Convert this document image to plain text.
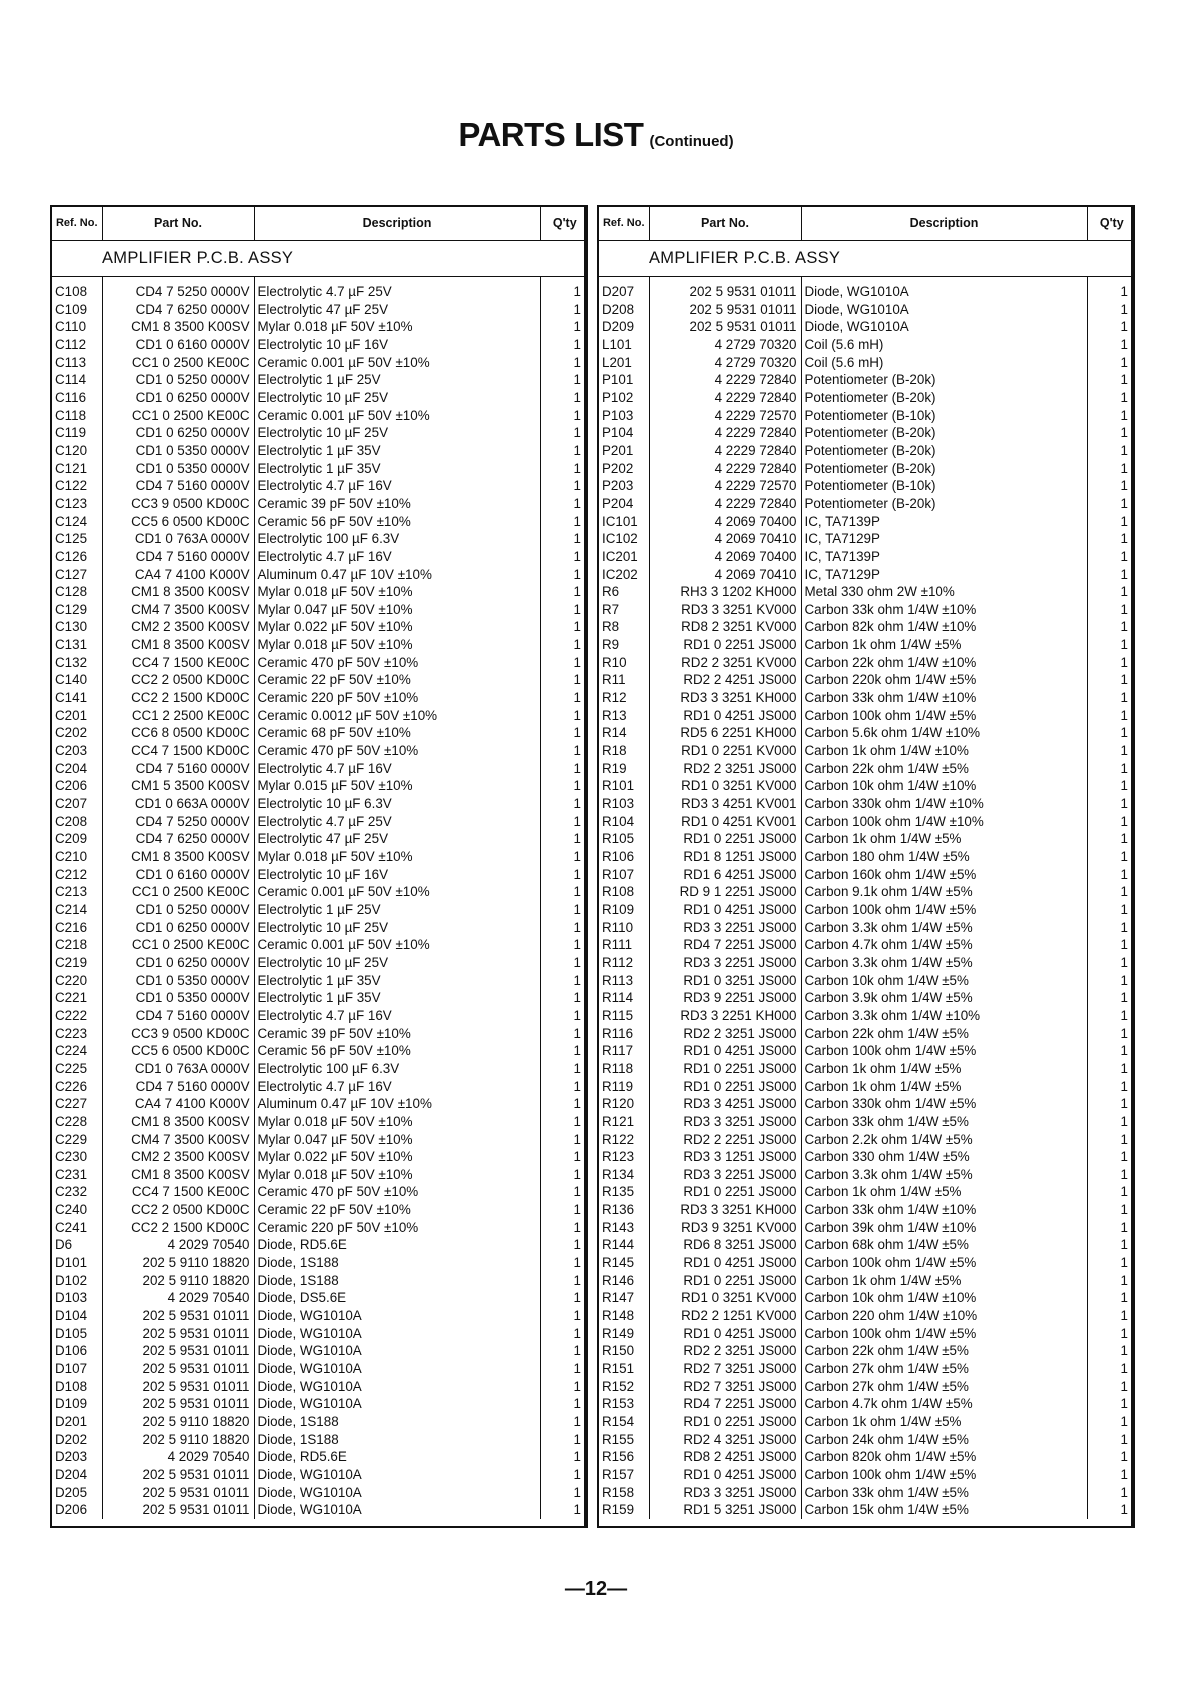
PARTS LIST (Continued)
Ref. No.	Part No.	Description	Q'ty
AMPLIFIER P.C.B. ASSY
C108	CD4 7 5250 0000V	Electrolytic 4.7 µF 25V	1
C109	CD4 7 6250 0000V	Electrolytic 47 µF 25V	1
C110	CM1 8 3500 K00SV	Mylar 0.018 µF 50V ±10%	1
C112	CD1 0 6160 0000V	Electrolytic 10 µF 16V	1
C113	CC1 0 2500 KE00C	Ceramic 0.001 µF 50V ±10%	1
C114	CD1 0 5250 0000V	Electrolytic 1 µF 25V	1
C116	CD1 0 6250 0000V	Electrolytic 10 µF 25V	1
C118	CC1 0 2500 KE00C	Ceramic 0.001 µF 50V ±10%	1
C119	CD1 0 6250 0000V	Electrolytic 10 µF 25V	1
C120	CD1 0 5350 0000V	Electrolytic 1 µF 35V	1
C121	CD1 0 5350 0000V	Electrolytic 1 µF 35V	1
C122	CD4 7 5160 0000V	Electrolytic 4.7 µF 16V	1
C123	CC3 9 0500 KD00C	Ceramic 39 pF 50V ±10%	1
C124	CC5 6 0500 KD00C	Ceramic 56 pF 50V ±10%	1
C125	CD1 0 763A 0000V	Electrolytic 100 µF 6.3V	1
C126	CD4 7 5160 0000V	Electrolytic 4.7 µF 16V	1
C127	CA4 7 4100 K000V	Aluminum 0.47 µF 10V ±10%	1
C128	CM1 8 3500 K00SV	Mylar 0.018 µF 50V ±10%	1
C129	CM4 7 3500 K00SV	Mylar 0.047 µF 50V ±10%	1
C130	CM2 2 3500 K00SV	Mylar 0.022 µF 50V ±10%	1
C131	CM1 8 3500 K00SV	Mylar 0.018 µF 50V ±10%	1
C132	CC4 7 1500 KE00C	Ceramic 470 pF 50V ±10%	1
C140	CC2 2 0500 KD00C	Ceramic 22 pF 50V ±10%	1
C141	CC2 2 1500 KD00C	Ceramic 220 pF 50V ±10%	1
C201	CC1 2 2500 KE00C	Ceramic 0.0012 µF 50V ±10%	1
C202	CC6 8 0500 KD00C	Ceramic 68 pF 50V ±10%	1
C203	CC4 7 1500 KD00C	Ceramic 470 pF 50V ±10%	1
C204	CD4 7 5160 0000V	Electrolytic 4.7 µF 16V	1
C206	CM1 5 3500 K00SV	Mylar 0.015 µF 50V ±10%	1
C207	CD1 0 663A 0000V	Electrolytic 10 µF 6.3V	1
C208	CD4 7 5250 0000V	Electrolytic 4.7 µF 25V	1
C209	CD4 7 6250 0000V	Electrolytic 47 µF 25V	1
C210	CM1 8 3500 K00SV	Mylar 0.018 µF 50V ±10%	1
C212	CD1 0 6160 0000V	Electrolytic 10 µF 16V	1
C213	CC1 0 2500 KE00C	Ceramic 0.001 µF 50V ±10%	1
C214	CD1 0 5250 0000V	Electrolytic 1 µF 25V	1
C216	CD1 0 6250 0000V	Electrolytic 10 µF 25V	1
C218	CC1 0 2500 KE00C	Ceramic 0.001 µF 50V ±10%	1
C219	CD1 0 6250 0000V	Electrolytic 10 µF 25V	1
C220	CD1 0 5350 0000V	Electrolytic 1 µF 35V	1
C221	CD1 0 5350 0000V	Electrolytic 1 µF 35V	1
C222	CD4 7 5160 0000V	Electrolytic 4.7 µF 16V	1
C223	CC3 9 0500 KD00C	Ceramic 39 pF 50V ±10%	1
C224	CC5 6 0500 KD00C	Ceramic 56 pF 50V ±10%	1
C225	CD1 0 763A 0000V	Electrolytic 100 µF 6.3V	1
C226	CD4 7 5160 0000V	Electrolytic 4.7 µF 16V	1
C227	CA4 7 4100 K000V	Aluminum 0.47 µF 10V ±10%	1
C228	CM1 8 3500 K00SV	Mylar 0.018 µF 50V ±10%	1
C229	CM4 7 3500 K00SV	Mylar 0.047 µF 50V ±10%	1
C230	CM2 2 3500 K00SV	Mylar 0.022 µF 50V ±10%	1
C231	CM1 8 3500 K00SV	Mylar 0.018 µF 50V ±10%	1
C232	CC4 7 1500 KE00C	Ceramic 470 pF 50V ±10%	1
C240	CC2 2 0500 KD00C	Ceramic 22 pF 50V ±10%	1
C241	CC2 2 1500 KD00C	Ceramic 220 pF 50V ±10%	1
D6	4 2029 70540	Diode, RD5.6E	1
D101	202 5 9110 18820	Diode, 1S188	1
D102	202 5 9110 18820	Diode, 1S188	1
D103	4 2029 70540	Diode, DS5.6E	1
D104	202 5 9531 01011	Diode, WG1010A	1
D105	202 5 9531 01011	Diode, WG1010A	1
D106	202 5 9531 01011	Diode, WG1010A	1
D107	202 5 9531 01011	Diode, WG1010A	1
D108	202 5 9531 01011	Diode, WG1010A	1
D109	202 5 9531 01011	Diode, WG1010A	1
D201	202 5 9110 18820	Diode, 1S188	1
D202	202 5 9110 18820	Diode, 1S188	1
D203	4 2029 70540	Diode, RD5.6E	1
D204	202 5 9531 01011	Diode, WG1010A	1
D205	202 5 9531 01011	Diode, WG1010A	1
D206	202 5 9531 01011	Diode, WG1010A	1
Ref. No.	Part No.	Description	Q'ty
AMPLIFIER P.C.B. ASSY
D207	202 5 9531 01011	Diode, WG1010A	1
D208	202 5 9531 01011	Diode, WG1010A	1
D209	202 5 9531 01011	Diode, WG1010A	1
L101	4 2729 70320	Coil (5.6 mH)	1
L201	4 2729 70320	Coil (5.6 mH)	1
P101	4 2229 72840	Potentiometer (B-20k)	1
P102	4 2229 72840	Potentiometer (B-20k)	1
P103	4 2229 72570	Potentiometer (B-10k)	1
P104	4 2229 72840	Potentiometer (B-20k)	1
P201	4 2229 72840	Potentiometer (B-20k)	1
P202	4 2229 72840	Potentiometer (B-20k)	1
P203	4 2229 72570	Potentiometer (B-10k)	1
P204	4 2229 72840	Potentiometer (B-20k)	1
IC101	4 2069 70400	IC, TA7139P	1
IC102	4 2069 70410	IC, TA7129P	1
IC201	4 2069 70400	IC, TA7139P	1
IC202	4 2069 70410	IC, TA7129P	1
R6	RH3 3 1202 KH000	Metal 330 ohm 2W ±10%	1
R7	RD3 3 3251 KV000	Carbon 33k ohm 1/4W ±10%	1
R8	RD8 2 3251 KV000	Carbon 82k ohm 1/4W ±10%	1
R9	RD1 0 2251 JS000	Carbon 1k ohm 1/4W ±5%	1
R10	RD2 2 3251 KV000	Carbon 22k ohm 1/4W ±10%	1
R11	RD2 2 4251 JS000	Carbon 220k ohm 1/4W ±5%	1
R12	RD3 3 3251 KH000	Carbon 33k ohm 1/4W ±10%	1
R13	RD1 0 4251 JS000	Carbon 100k ohm 1/4W ±5%	1
R14	RD5 6 2251 KH000	Carbon 5.6k ohm 1/4W ±10%	1
R18	RD1 0 2251 KV000	Carbon 1k ohm 1/4W ±10%	1
R19	RD2 2 3251 JS000	Carbon 22k ohm 1/4W ±5%	1
R101	RD1 0 3251 KV000	Carbon 10k ohm 1/4W ±10%	1
R103	RD3 3 4251 KV001	Carbon 330k ohm 1/4W ±10%	1
R104	RD1 0 4251 KV001	Carbon 100k ohm 1/4W ±10%	1
R105	RD1 0 2251 JS000	Carbon 1k ohm 1/4W ±5%	1
R106	RD1 8 1251 JS000	Carbon 180 ohm 1/4W ±5%	1
R107	RD1 6 4251 JS000	Carbon 160k ohm 1/4W ±5%	1
R108	RD 9 1 2251 JS000	Carbon 9.1k ohm 1/4W ±5%	1
R109	RD1 0 4251 JS000	Carbon 100k ohm 1/4W ±5%	1
R110	RD3 3 2251 JS000	Carbon 3.3k ohm 1/4W ±5%	1
R111	RD4 7 2251 JS000	Carbon 4.7k ohm 1/4W ±5%	1
R112	RD3 3 2251 JS000	Carbon 3.3k ohm 1/4W ±5%	1
R113	RD1 0 3251 JS000	Carbon 10k ohm 1/4W ±5%	1
R114	RD3 9 2251 JS000	Carbon 3.9k ohm 1/4W ±5%	1
R115	RD3 3 2251 KH000	Carbon 3.3k ohm 1/4W ±10%	1
R116	RD2 2 3251 JS000	Carbon 22k ohm 1/4W ±5%	1
R117	RD1 0 4251 JS000	Carbon 100k ohm 1/4W ±5%	1
R118	RD1 0 2251 JS000	Carbon 1k ohm 1/4W ±5%	1
R119	RD1 0 2251 JS000	Carbon 1k ohm 1/4W ±5%	1
R120	RD3 3 4251 JS000	Carbon 330k ohm 1/4W ±5%	1
R121	RD3 3 3251 JS000	Carbon 33k ohm 1/4W ±5%	1
R122	RD2 2 2251 JS000	Carbon 2.2k ohm 1/4W ±5%	1
R123	RD3 3 1251 JS000	Carbon 330 ohm 1/4W ±5%	1
R134	RD3 3 2251 JS000	Carbon 3.3k ohm 1/4W ±5%	1
R135	RD1 0 2251 JS000	Carbon 1k ohm 1/4W ±5%	1
R136	RD3 3 3251 KH000	Carbon 33k ohm 1/4W ±10%	1
R143	RD3 9 3251 KV000	Carbon 39k ohm 1/4W ±10%	1
R144	RD6 8 3251 JS000	Carbon 68k ohm 1/4W ±5%	1
R145	RD1 0 4251 JS000	Carbon 100k ohm 1/4W ±5%	1
R146	RD1 0 2251 JS000	Carbon 1k ohm 1/4W ±5%	1
R147	RD1 0 3251 KV000	Carbon 10k ohm 1/4W ±10%	1
R148	RD2 2 1251 KV000	Carbon 220 ohm 1/4W ±10%	1
R149	RD1 0 4251 JS000	Carbon 100k ohm 1/4W ±5%	1
R150	RD2 2 3251 JS000	Carbon 22k ohm 1/4W ±5%	1
R151	RD2 7 3251 JS000	Carbon 27k ohm 1/4W ±5%	1
R152	RD2 7 3251 JS000	Carbon 27k ohm 1/4W ±5%	1
R153	RD4 7 2251 JS000	Carbon 4.7k ohm 1/4W ±5%	1
R154	RD1 0 2251 JS000	Carbon 1k ohm 1/4W ±5%	1
R155	RD2 4 3251 JS000	Carbon 24k ohm 1/4W ±5%	1
R156	RD8 2 4251 JS000	Carbon 820k ohm 1/4W ±5%	1
R157	RD1 0 4251 JS000	Carbon 100k ohm 1/4W ±5%	1
R158	RD3 3 3251 JS000	Carbon 33k ohm 1/4W ±5%	1
R159	RD1 5 3251 JS000	Carbon 15k ohm 1/4W ±5%	1
—12—
